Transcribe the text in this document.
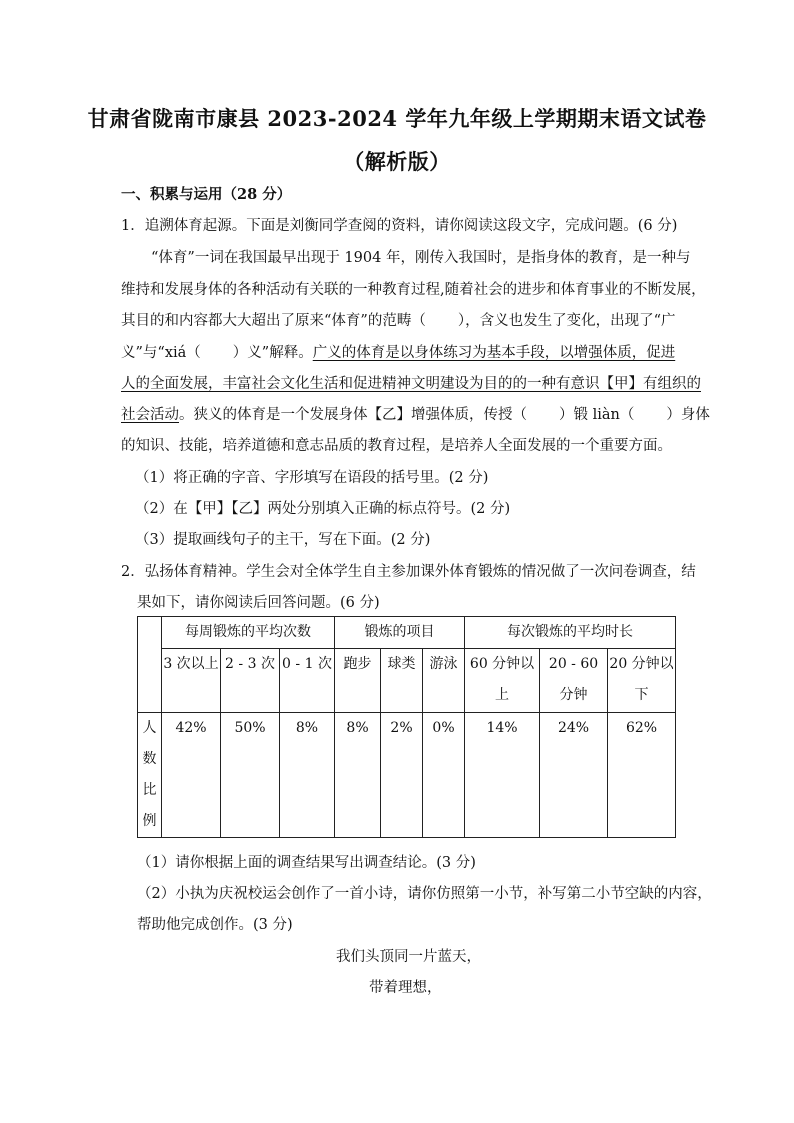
甘肃省陇南市康县 2023-2024 学年九年级上学期期末语文试卷
（解析版）
一、积累与运用（28 分）
1．追溯体育起源。下面是刘衡同学查阅的资料，请你阅读这段文字，完成问题。(6 分)
“体育”一词在我国最早出现于 1904 年，刚传入我国时，是指身体的教育，是一种与
维持和发展身体的各种活动有关联的一种教育过程,随着社会的进步和体育事业的不断发展，
其目的和内容都大大超出了原来“体育”的范畴（ ），含义也发生了变化，出现了“广
义”与“xiá（ ）义”解释。广义的体育是以身体练习为基本手段，以增强体质，促进
人的全面发展，丰富社会文化生活和促进精神文明建设为目的的一种有意识【甲】有组织的
社会活动。狭义的体育是一个发展身体【乙】增强体质，传授（ ）锻 liàn（ ）身体
的知识、技能，培养道德和意志品质的教育过程，是培养人全面发展的一个重要方面。
（1）将正确的字音、字形填写在语段的括号里。(2 分)
（2）在【甲】【乙】两处分别填入正确的标点符号。(2 分)
（3）提取画线句子的主干，写在下面。(2 分)
2．弘扬体育精神。学生会对全体学生自主参加课外体育锻炼的情况做了一次问卷调查，结
果如下，请你阅读后回答问题。(6 分)
	每周锻炼的平均次数			锻炼的项目			每次锻炼的平均时长		
	3 次以上	2 - 3 次	0 - 1 次	跑步	球类	游泳	60 分钟以上	20 - 60 分钟	20 分钟以下

人
数
比
例	42%	50%	8%	8%	2%	0%	14%	24%	62%
（1）请你根据上面的调查结果写出调查结论。(3 分)
（2）小执为庆祝校运会创作了一首小诗，请你仿照第一小节，补写第二小节空缺的内容，
帮助他完成创作。(3 分)
我们头顶同一片蓝天，
带着理想，
